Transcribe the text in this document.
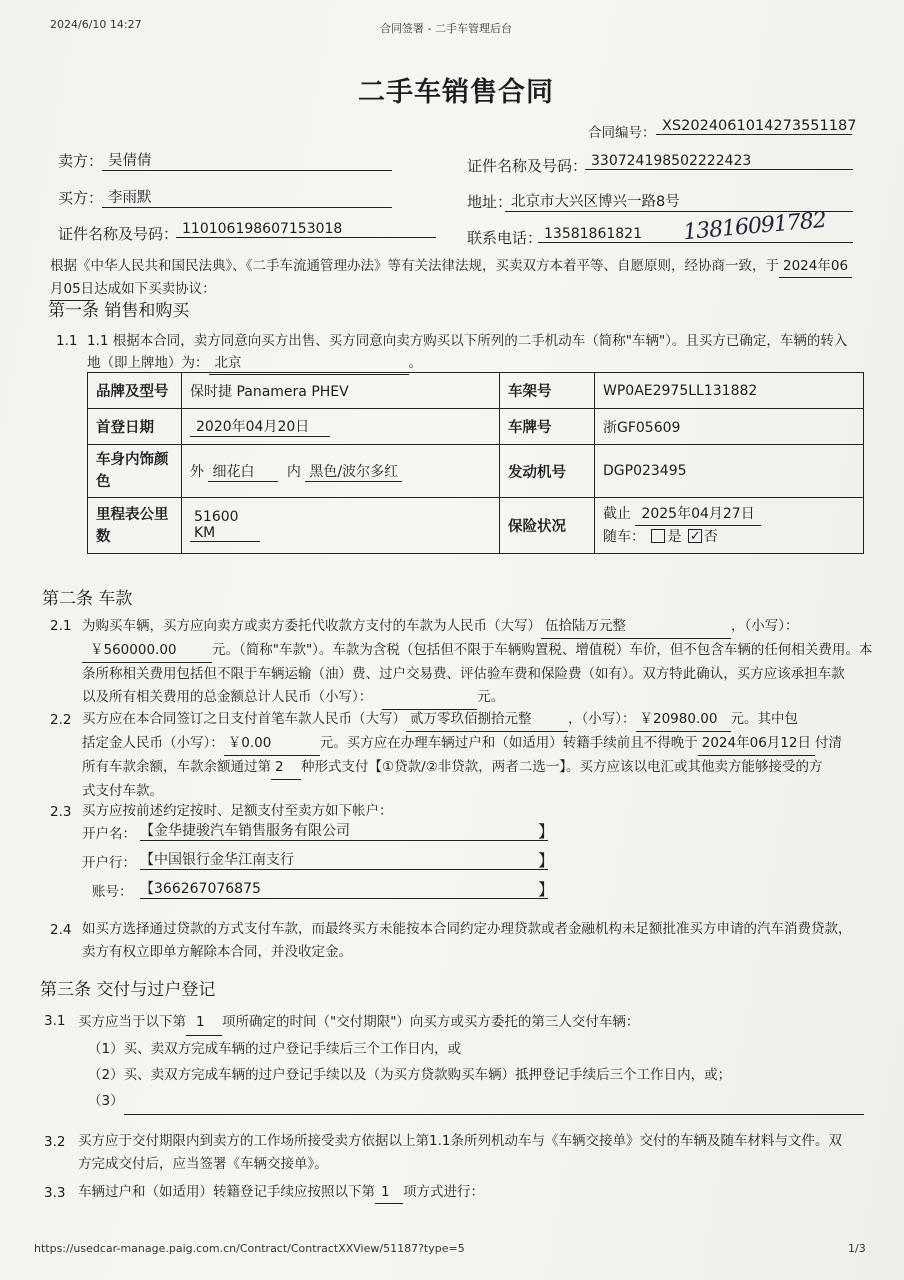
2024/6/10 14:27	合同签署 - 二手车管理后台
二手车销售合同
合同编号： XS2024061014273551187
卖方： 吴倩倩	证件名称及号码： 330724198502222423
买方： 李雨默	地址：
北京市大兴区博兴一路8号
证件名称及号码： 110106198607153018	联系电话： 13581861821	13816091782
根据《中华人民共和国民法典》、《二手车流通管理办法》等有关法律法规，买卖双方本着平等、自愿原则，经协商一致，于 2024年06
月05日达成如下买卖协议：
第一条 销售和购买
1.1 1.1 根据本合同，卖方同意向买方出售、买方同意向卖方购买以下所列的二手机动车（简称"车辆"）。且买方已确定，车辆的转入
地（即上牌地）为： 北京	。
品牌及型号	保时捷 Panamera PHEV	车架号	WP0AE2975LL131882
首登日期	2020年04月20日	车牌号	浙GF05609
车身内饰颜色	外 细花白 内 黑色/波尔多红	发动机号	DGP023495
里程表公里数	51600 KM	保险状况	截止 2025年04月27日
随车： 是 ✓ 否
第二条 车款
2.1 为购买车辆，买方应向卖方或卖方委托代收款方支付的车款为人民币（大写） 伍拾陆万元整	，（小写）：
￥560000.00	元。（简称"车款"）。车款为含税（包括但不限于车辆购置税、增值税）车价，但不包含车辆的任何相关费用。本
条所称相关费用包括但不限于车辆运输（油）费、过户交易费、评估验车费和保险费（如有）。双方特此确认，买方应该承担车款
以及所有相关费用的总金额总计人民币（小写）：	元。
2.2 买方应在本合同签订之日支付首笔车款人民币（大写） 贰万零玖佰捌拾元整	，（小写）： ￥20980.00 元。其中包
括定金人民币（小写）： ￥0.00	元。买方应在办理车辆过户和（如适用）转籍手续前且不得晚于 2024年06月12日 付清
所有车款余额，车款余额通过第 2 种形式支付【①贷款/②非贷款，两者二选一】。买方应该以电汇或其他卖方能够接受的方
式支付车款。
2.3 买方应按前述约定按时、足额支付至卖方如下帐户：
开户名： 【	金华捷骏汽车销售服务有限公司	】
开户行： 【	中国银行金华江南支行	】
账号： 【	366267076875	】
2.4 如买方选择通过贷款的方式支付车款，而最终买方未能按本合同约定办理贷款或者金融机构未足额批准买方申请的汽车消费贷款，
卖方有权立即单方解除本合同，并没收定金。
第三条 交付与过户登记
3.1 买方应当于以下第 1 项所确定的时间（"交付期限"）向买方或买方委托的第三人交付车辆：
（1）买、卖双方完成车辆的过户登记手续后三个工作日内，或
（2）买、卖双方完成车辆的过户登记手续以及（为买方贷款购买车辆）抵押登记手续后三个工作日内，或；
（3）
3.2 买方应于交付期限内到卖方的工作场所接受卖方依据以上第1.1条所列机动车与《车辆交接单》交付的车辆及随车材料与文件。双
方完成交付后，应当签署《车辆交接单》。
3.3 车辆过户和（如适用）转籍登记手续应按照以下第 1 项方式进行：
https://usedcar-manage.paig.com.cn/Contract/ContractXXView/51187?type=5	1/3
